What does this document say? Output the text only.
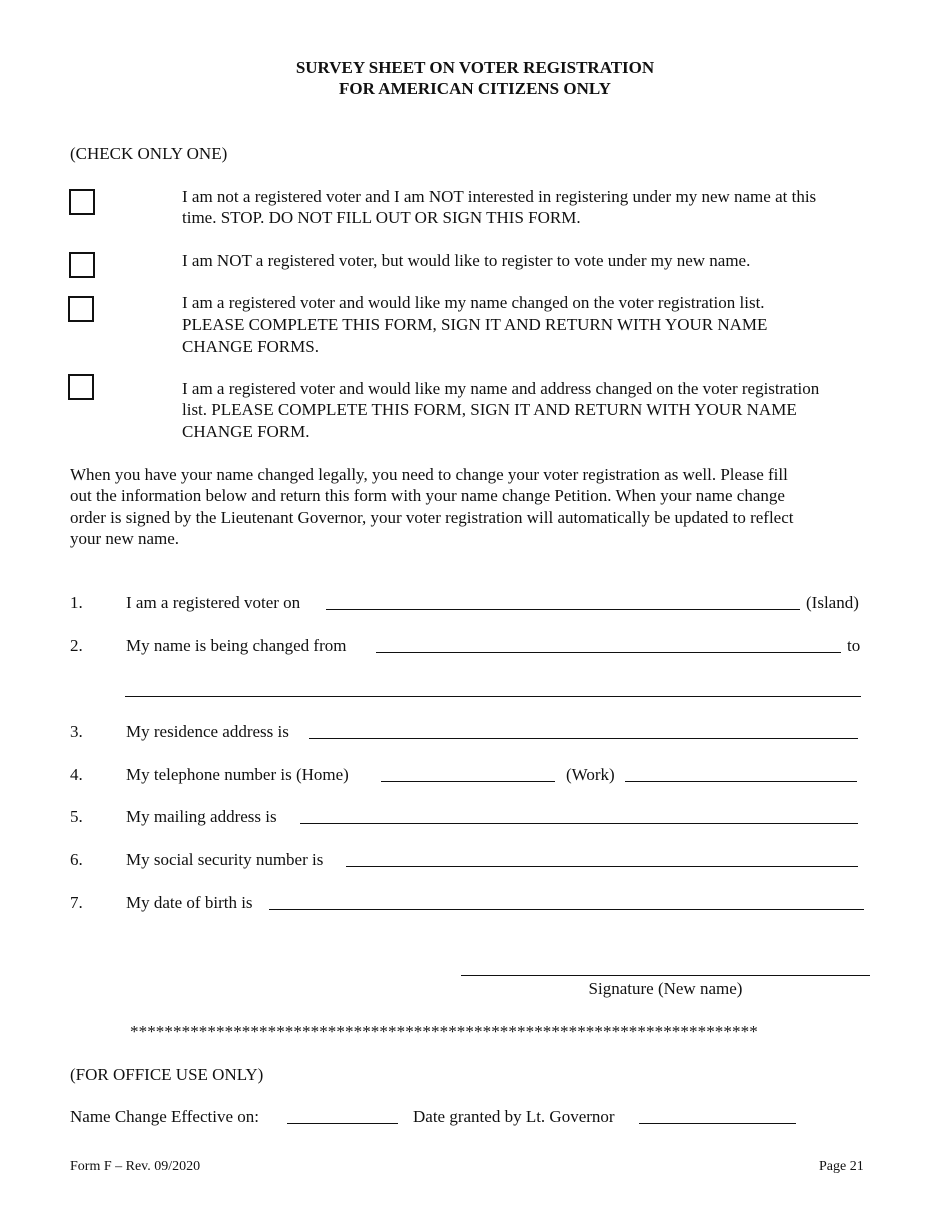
SURVEY SHEET ON VOTER REGISTRATION
FOR AMERICAN CITIZENS ONLY
(CHECK ONLY ONE)
I am not a registered voter and I am NOT interested in registering under my new name at this
time. STOP. DO NOT FILL OUT OR SIGN THIS FORM.
I am NOT a registered voter, but would like to register to vote under my new name.
I am a registered voter and would like my name changed on the voter registration list.
PLEASE COMPLETE THIS FORM, SIGN IT AND RETURN WITH YOUR NAME
CHANGE FORMS.
I am a registered voter and would like my name and address changed on the voter registration
list. PLEASE COMPLETE THIS FORM, SIGN IT AND RETURN WITH YOUR NAME
CHANGE FORM.
When you have your name changed legally, you need to change your voter registration as well. Please fill
out the information below and return this form with your name change Petition. When your name change
order is signed by the Lieutenant Governor, your voter registration will automatically be updated to reflect
your new name.
1.	I am a registered voter on	(Island)
2.	My name is being changed from	to
3.	My residence address is
4.	My telephone number is (Home)	(Work)
5.	My mailing address is
6.	My social security number is
7.	My date of birth is
Signature (New name)
*************************************************************************
(FOR OFFICE USE ONLY)
Name Change Effective on:	Date granted by Lt. Governor
Form F – Rev. 09/2020	Page 21
